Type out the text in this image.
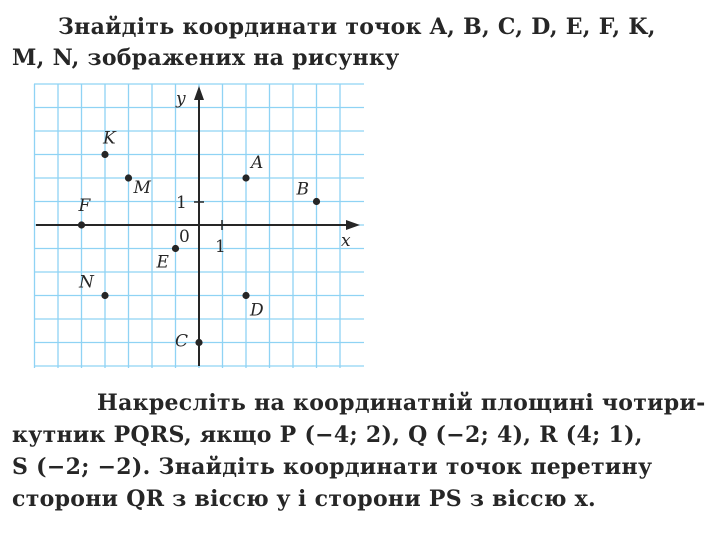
Знайдіть координати точок A, B, C, D, E, F, K,

M, N, зображених на рисунку

x
y
0 1
1
A
B
C
D
E
F
K
M
N

Накресліть на координатній площині чотири-

кутник PQRS, якщо P (−4; 2), Q (−2; 4), R (4; 1),

S (−2; −2). Знайдіть координати точок перетину

сторони QR з віссю y і сторони PS з віссю x.
